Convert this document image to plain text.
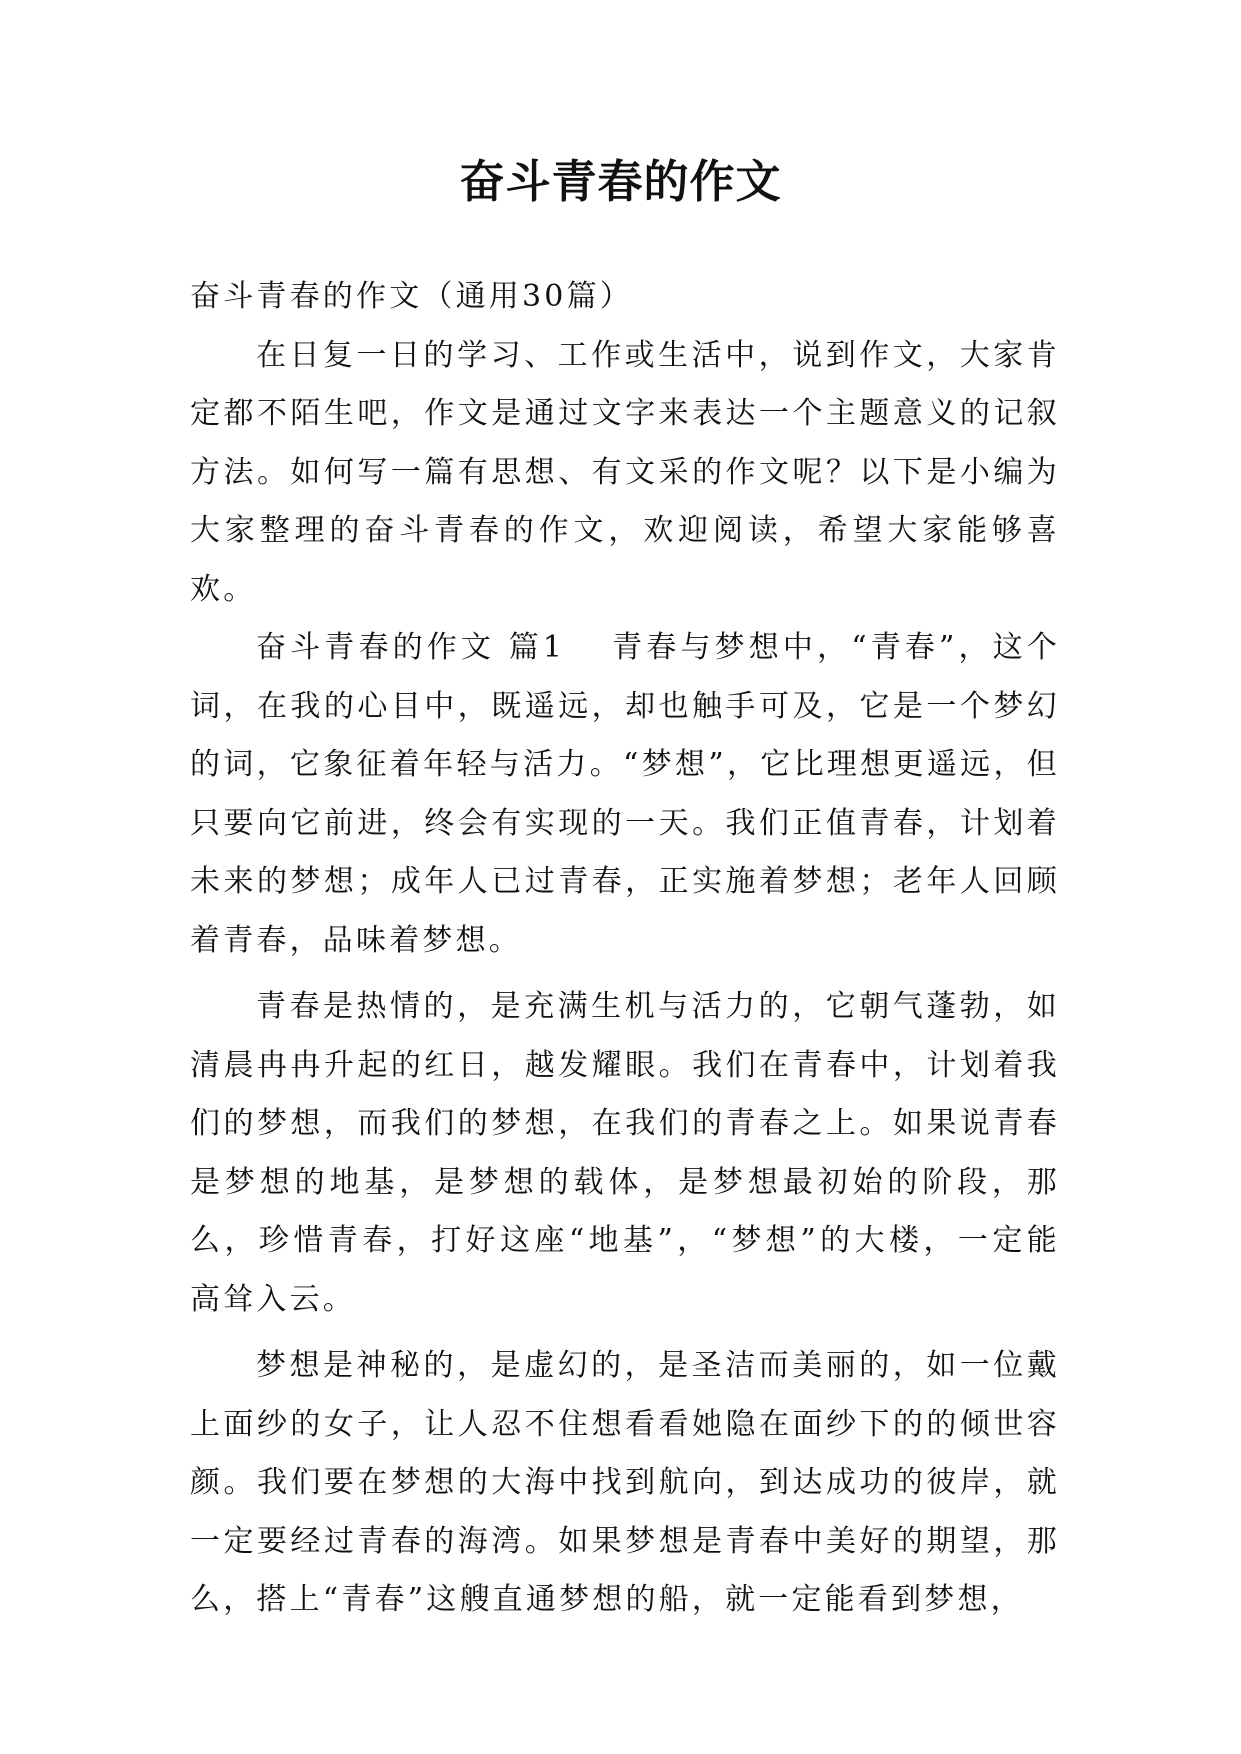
奋斗青春的作文

奋斗青春的作文（通用30篇）

在日复一日的学习、工作或生活中，说到作文，大家肯定都不陌生吧，作文是通过文字来表达一个主题意义的记叙方法。如何写一篇有思想、有文采的作文呢？以下是小编为大家整理的奋斗青春的作文，欢迎阅读，希望大家能够喜欢。

奋斗青春的作文 篇1 青春与梦想中，“青春”，这个词，在我的心目中，既遥远，却也触手可及，它是一个梦幻的词，它象征着年轻与活力。“梦想”，它比理想更遥远，但只要向它前进，终会有实现的一天。我们正值青春，计划着未来的梦想；成年人已过青春，正实施着梦想；老年人回顾着青春，品味着梦想。

青春是热情的，是充满生机与活力的，它朝气蓬勃，如清晨冉冉升起的红日，越发耀眼。我们在青春中，计划着我们的梦想，而我们的梦想，在我们的青春之上。如果说青春是梦想的地基，是梦想的载体，是梦想最初始的阶段，那么，珍惜青春，打好这座“地基”，“梦想”的大楼，一定能高耸入云。

梦想是神秘的，是虚幻的，是圣洁而美丽的，如一位戴上面纱的女子，让人忍不住想看看她隐在面纱下的的倾世容颜。我们要在梦想的大海中找到航向，到达成功的彼岸，就一定要经过青春的海湾。如果梦想是青春中美好的期望，那么，搭上“青春”这艘直通梦想的船，就一定能看到梦想，
